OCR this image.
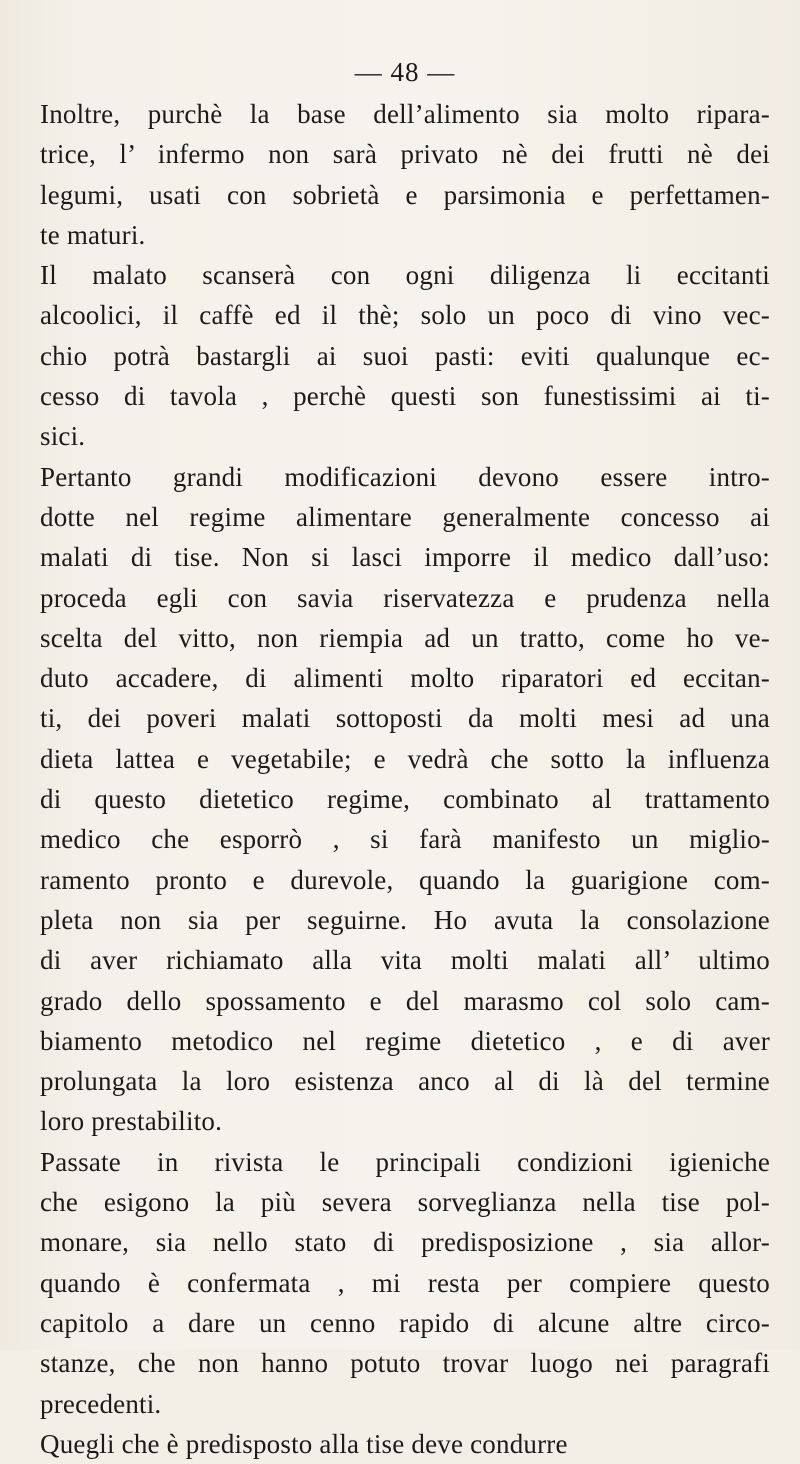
— 48 —
Inoltre, purchè la base dell’alimento sia molto ripara-
trice, l’ infermo non sarà privato nè dei frutti nè dei
legumi, usati con sobrietà e parsimonia e perfettamen-
te maturi.
Il malato scanserà con ogni diligenza li eccitanti
alcoolici, il caffè ed il thè; solo un poco di vino vec-
chio potrà bastargli ai suoi pasti: eviti qualunque ec-
cesso di tavola , perchè questi son funestissimi ai ti-
sici.
Pertanto grandi modificazioni devono essere intro-
dotte nel regime alimentare generalmente concesso ai
malati di tise. Non si lasci imporre il medico dall’uso:
proceda egli con savia riservatezza e prudenza nella
scelta del vitto, non riempia ad un tratto, come ho ve-
duto accadere, di alimenti molto riparatori ed eccitan-
ti, dei poveri malati sottoposti da molti mesi ad una
dieta lattea e vegetabile; e vedrà che sotto la influenza
di questo dietetico regime, combinato al trattamento
medico che esporrò , si farà manifesto un miglio-
ramento pronto e durevole, quando la guarigione com-
pleta non sia per seguirne. Ho avuta la consolazione
di aver richiamato alla vita molti malati all’ ultimo
grado dello spossamento e del marasmo col solo cam-
biamento metodico nel regime dietetico , e di aver
prolungata la loro esistenza anco al di là del termine
loro prestabilito.
Passate in rivista le principali condizioni igieniche
che esigono la più severa sorveglianza nella tise pol-
monare, sia nello stato di predisposizione , sia allor-
quando è confermata , mi resta per compiere questo
capitolo a dare un cenno rapido di alcune altre circo-
stanze, che non hanno potuto trovar luogo nei paragrafi
precedenti.
Quegli che è predisposto alla tise deve condurre
